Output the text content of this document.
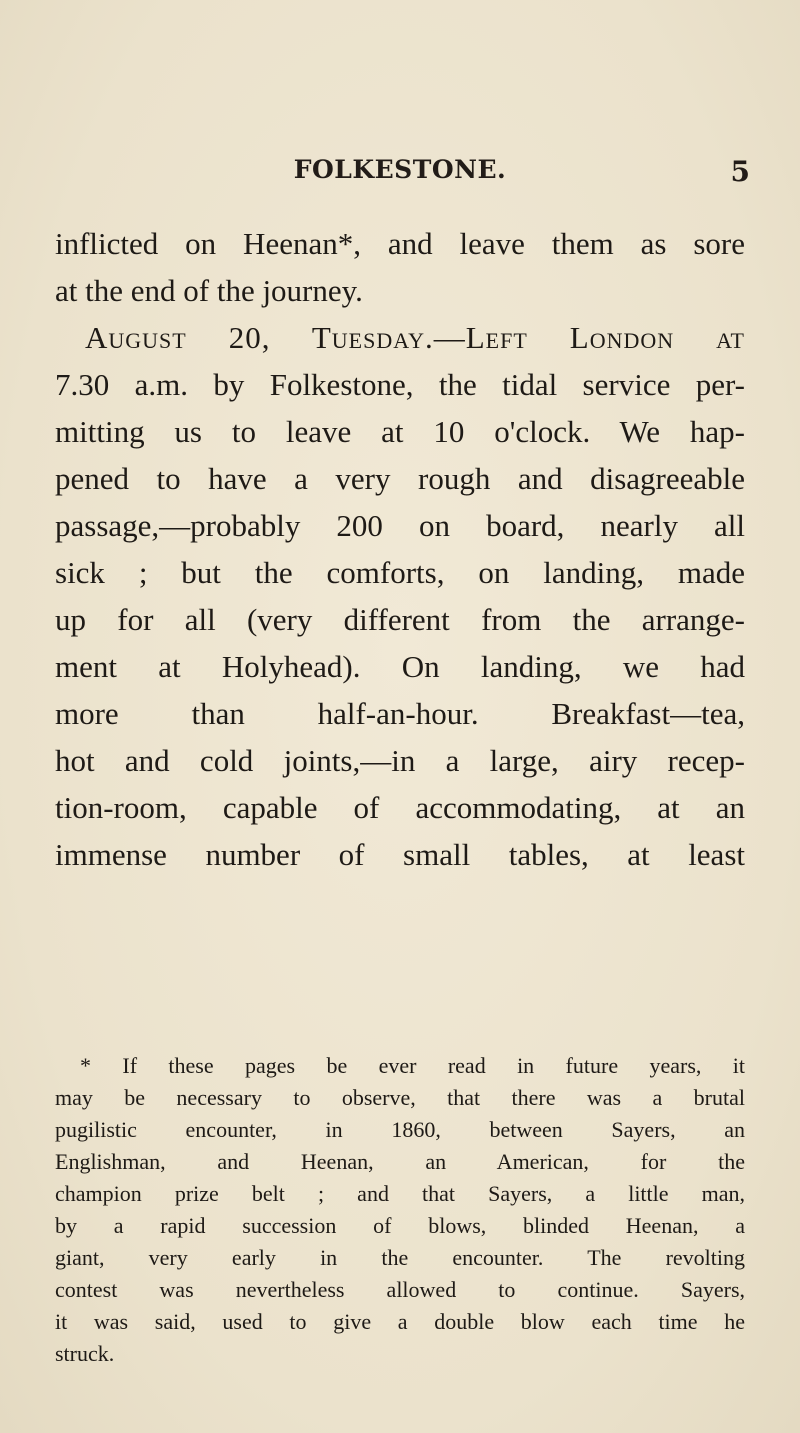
FOLKESTONE.	5
inflicted on Heenan*, and leave them as sore
at the end of the journey.
August 20, Tuesday.—Left London at
7.30 a.m. by Folkestone, the tidal service per-
mitting us to leave at 10 o'clock. We hap-
pened to have a very rough and disagreeable
passage,—probably 200 on board, nearly all
sick ; but the comforts, on landing, made
up for all (very different from the arrange-
ment at Holyhead). On landing, we had
more than half-an-hour. Breakfast—tea,
hot and cold joints,—in a large, airy recep-
tion-room, capable of accommodating, at an
immense number of small tables, at least
* If these pages be ever read in future years, it
may be necessary to observe, that there was a brutal
pugilistic encounter, in 1860, between Sayers, an
Englishman, and Heenan, an American, for the
champion prize belt ; and that Sayers, a little man,
by a rapid succession of blows, blinded Heenan, a
giant, very early in the encounter. The revolting
contest was nevertheless allowed to continue. Sayers,
it was said, used to give a double blow each time he
struck.
